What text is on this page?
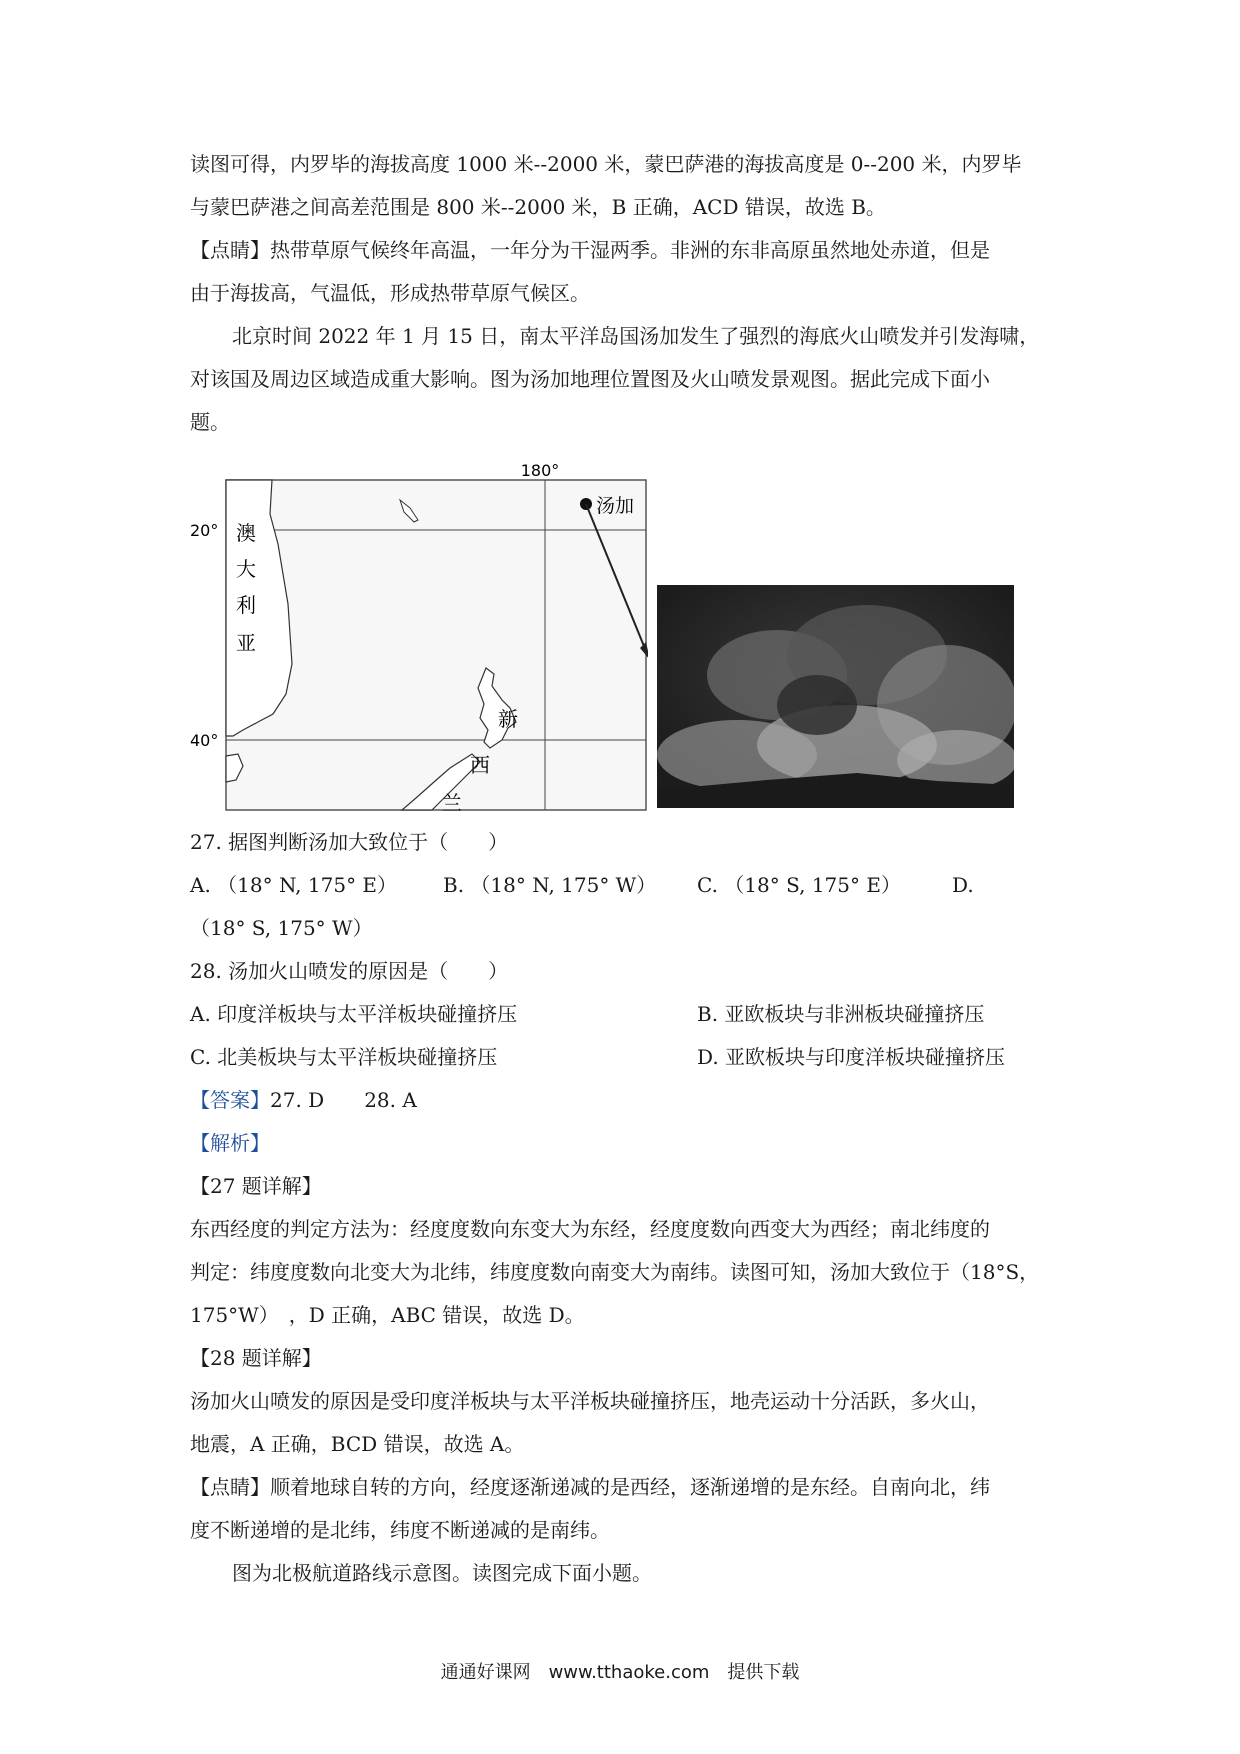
读图可得，内罗毕的海拔高度 1000 米--2000 米，蒙巴萨港的海拔高度是 0--200 米，内罗毕
与蒙巴萨港之间高差范围是 800 米--2000 米，B 正确，ACD 错误，故选 B。
【点睛】热带草原气候终年高温，一年分为干湿两季。非洲的东非高原虽然地处赤道，但是
由于海拔高，气温低，形成热带草原气候区。
北京时间 2022 年 1 月 15 日，南太平洋岛国汤加发生了强烈的海底火山喷发并引发海啸，
对该国及周边区域造成重大影响。图为汤加地理位置图及火山喷发景观图。据此完成下面小
题。
180°
20°
40°
汤加
澳
大
利
亚
新
西
兰
27. 据图判断汤加大致位于（　　）
A. （18° N, 175° E） B. （18° N, 175° W） C. （18° S, 175° E）	D.
（18° S, 175° W）
28. 汤加火山喷发的原因是（　　）
A. 印度洋板块与太平洋板块碰撞挤压	B. 亚欧板块与非洲板块碰撞挤压
C. 北美板块与太平洋板块碰撞挤压	D. 亚欧板块与印度洋板块碰撞挤压
【答案】27. D　　28. A
【解析】
【27 题详解】
东西经度的判定方法为：经度度数向东变大为东经，经度度数向西变大为西经；南北纬度的
判定：纬度度数向北变大为北纬，纬度度数向南变大为南纬。读图可知，汤加大致位于（18°S，
175°W）　，D 正确，ABC 错误，故选 D。
【28 题详解】
汤加火山喷发的原因是受印度洋板块与太平洋板块碰撞挤压，地壳运动十分活跃，多火山，
地震，A 正确，BCD 错误，故选 A。
【点睛】顺着地球自转的方向，经度逐渐递减的是西经，逐渐递增的是东经。自南向北，纬
度不断递增的是北纬，纬度不断递减的是南纬。
图为北极航道路线示意图。读图完成下面小题。
通通好课网　www.tthaoke.com　提供下载
